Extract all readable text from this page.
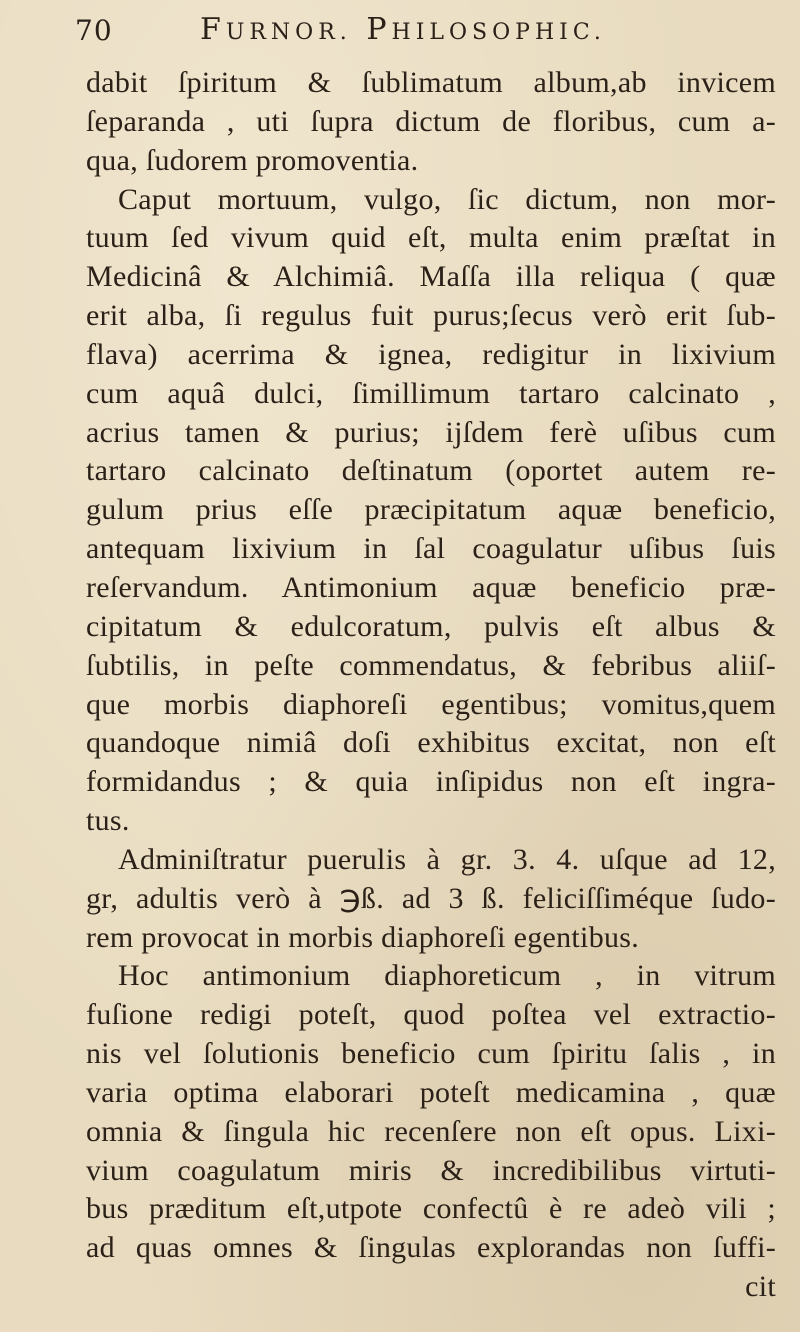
70	FURNOR. PHILOSOPHIC.
dabit ſpiritum & ſublimatum album,ab invicem
ſeparanda , uti ſupra dictum de floribus, cum a-
qua, ſudorem promoventia.
Caput mortuum, vulgo, ſic dictum, non mor-
tuum ſed vivum quid eſt, multa enim præſtat in
Medicinâ & Alchimiâ. Maſſa illa reliqua ( quæ
erit alba, ſi regulus fuit purus;ſecus verò erit ſub-
flava) acerrima & ignea, redigitur in lixivium
cum aquâ dulci, ſimillimum tartaro calcinato ,
acrius tamen & purius; ijſdem ferè uſibus cum
tartaro calcinato deſtinatum (oportet autem re-
gulum prius eſſe præcipitatum aquæ beneficio,
antequam lixivium in ſal coagulatur uſibus ſuis
reſervandum. Antimonium aquæ beneficio præ-
cipitatum & edulcoratum, pulvis eſt albus &
ſubtilis, in peſte commendatus, & febribus aliiſ-
que morbis diaphoreſi egentibus; vomitus,quem
quandoque nimiâ doſi exhibitus excitat, non eſt
formidandus ; & quia inſipidus non eſt ingra-
tus.
Adminiſtratur puerulis à gr. 3. 4. uſque ad 12,
gr, adultis verò à ℈ß. ad 3 ß. feliciſſiméque ſudo-
rem provocat in morbis diaphoreſi egentibus.
Hoc antimonium diaphoreticum , in vitrum
fuſione redigi poteſt, quod poſtea vel extractio-
nis vel ſolutionis beneficio cum ſpiritu ſalis , in
varia optima elaborari poteſt medicamina , quæ
omnia & ſingula hic recenſere non eſt opus. Lixi-
vium coagulatum miris & incredibilibus virtuti-
bus præditum eſt,utpote confectû è re adeò vili ;
ad quas omnes & ſingulas explorandas non ſuffi-
cit
